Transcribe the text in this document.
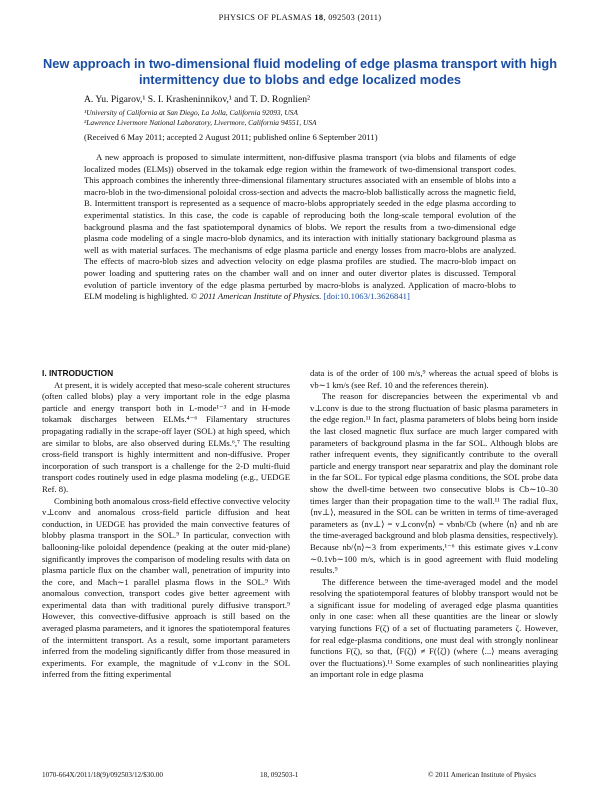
PHYSICS OF PLASMAS 18, 092503 (2011)
New approach in two-dimensional fluid modeling of edge plasma transport with high intermittency due to blobs and edge localized modes
A. Yu. Pigarov,¹ S. I. Krasheninnikov,¹ and T. D. Rognlien²
¹University of California at San Diego, La Jolla, California 92093, USA
²Lawrence Livermore National Laboratory, Livermore, California 94551, USA
(Received 6 May 2011; accepted 2 August 2011; published online 6 September 2011)

A new approach is proposed to simulate intermittent, non-diffusive plasma transport (via blobs and filaments of edge localized modes (ELMs)) observed in the tokamak edge region within the framework of two-dimensional transport codes. This approach combines the inherently three-dimensional filamentary structures associated with an ensemble of blobs into a macro-blob in the two-dimensional poloidal cross-section and advects the macro-blob ballistically across the magnetic field, B. Intermittent transport is represented as a sequence of macro-blobs appropriately seeded in the edge plasma according to experimental statistics. In this case, the code is capable of reproducing both the long-scale temporal evolution of the background plasma and the fast spatiotemporal dynamics of blobs. We report the results from a two-dimensional edge plasma code modeling of a single macro-blob dynamics, and its interaction with initially stationary background plasma as well as with material surfaces. The mechanisms of edge plasma particle and energy losses from macro-blobs are analyzed. The effects of macro-blob sizes and advection velocity on edge plasma profiles are studied. The macro-blob impact on power loading and sputtering rates on the chamber wall and on inner and outer divertor plates is discussed. Temporal evolution of particle inventory of the edge plasma perturbed by macro-blobs is analyzed. Application of macro-blobs to ELM modeling is highlighted. © 2011 American Institute of Physics. [doi:10.1063/1.3626841]

I. INTRODUCTION

At present, it is widely accepted that meso-scale coherent structures (often called blobs) play a very important role in the edge plasma particle and energy transport both in L-mode¹⁻³ and in H-mode tokamak discharges between ELMs.⁴⁻⁶ Filamentary structures propagating radially in the scrape-off layer (SOL) at high speed, which are similar to blobs, are also observed during ELMs.⁶,⁷ The resulting cross-field transport is highly intermittent and non-diffusive. Proper incorporation of such transport is a challenge for the 2-D multi-fluid transport codes routinely used in edge plasma modeling (e.g., UEDGE Ref. 8).

Combining both anomalous cross-field effective convective velocity v⊥conv and anomalous cross-field particle diffusion and heat conduction, in UEDGE has provided the main convective features of blobby plasma transport in the SOL.⁹ In particular, convection with ballooning-like poloidal dependence (peaking at the outer mid-plane) significantly improves the comparison of modeling results with data on plasma particle flux on the chamber wall, penetration of impurity into the core, and Mach∼1 parallel plasma flows in the SOL.⁹ With anomalous convection, transport codes give better agreement with experimental data than with traditional purely diffusive transport.⁹ However, this convective-diffusive approach is still based on the averaged plasma parameters, and it ignores the spatiotemporal features of the intermittent transport. As a result, some important parameters inferred from the modeling significantly differ from those measured in experiments. For example, the magnitude of v⊥conv in the SOL inferred from the fitting experimental

data is of the order of 100 m/s,⁹ whereas the actual speed of blobs is vb∼1 km/s (see Ref. 10 and the references therein).

The reason for discrepancies between the experimental vb and v⊥conv is due to the strong fluctuation of basic plasma parameters in the edge region.¹¹ In fact, plasma parameters of blobs being born inside the last closed magnetic flux surface are much larger compared with parameters of background plasma in the far SOL. Although blobs are rather infrequent events, they significantly contribute to the overall particle and energy transport near separatrix and play the dominant role in the far SOL. For typical edge plasma conditions, the SOL probe data show the dwell-time between two consecutive blobs is Cb∼10–30 times larger than their propagation time to the wall.¹¹ The radial flux, ⟨nv⊥⟩, measured in the SOL can be written in terms of time-averaged parameters as ⟨nv⊥⟩ = v⊥conv⟨n⟩ = vbnb/Cb (where ⟨n⟩ and nb are the time-averaged background and blob plasma densities, respectively). Because nb/⟨n⟩∼3 from experiments,¹⁻⁶ this estimate gives v⊥conv ∼0.1vb∼100 m/s, which is in good agreement with fluid modeling results.⁹

The difference between the time-averaged model and the model resolving the spatiotemporal features of blobby transport would not be a significant issue for modeling of averaged edge plasma quantities only in one case: when all these quantities are the linear or slowly varying functions F(ζ) of a set of fluctuating parameters ζ. However, for real edge-plasma conditions, one must deal with strongly nonlinear functions F(ζ), so that, ⟨F(ζ)⟩ ≠ F(⟨ζ⟩) (where ⟨...⟩ means averaging over the fluctuations).¹¹ Some examples of such nonlinearities playing an important role in edge plasma

1070-664X/2011/18(9)/092503/12/$30.00	18, 092503-1	© 2011 American Institute of Physics
